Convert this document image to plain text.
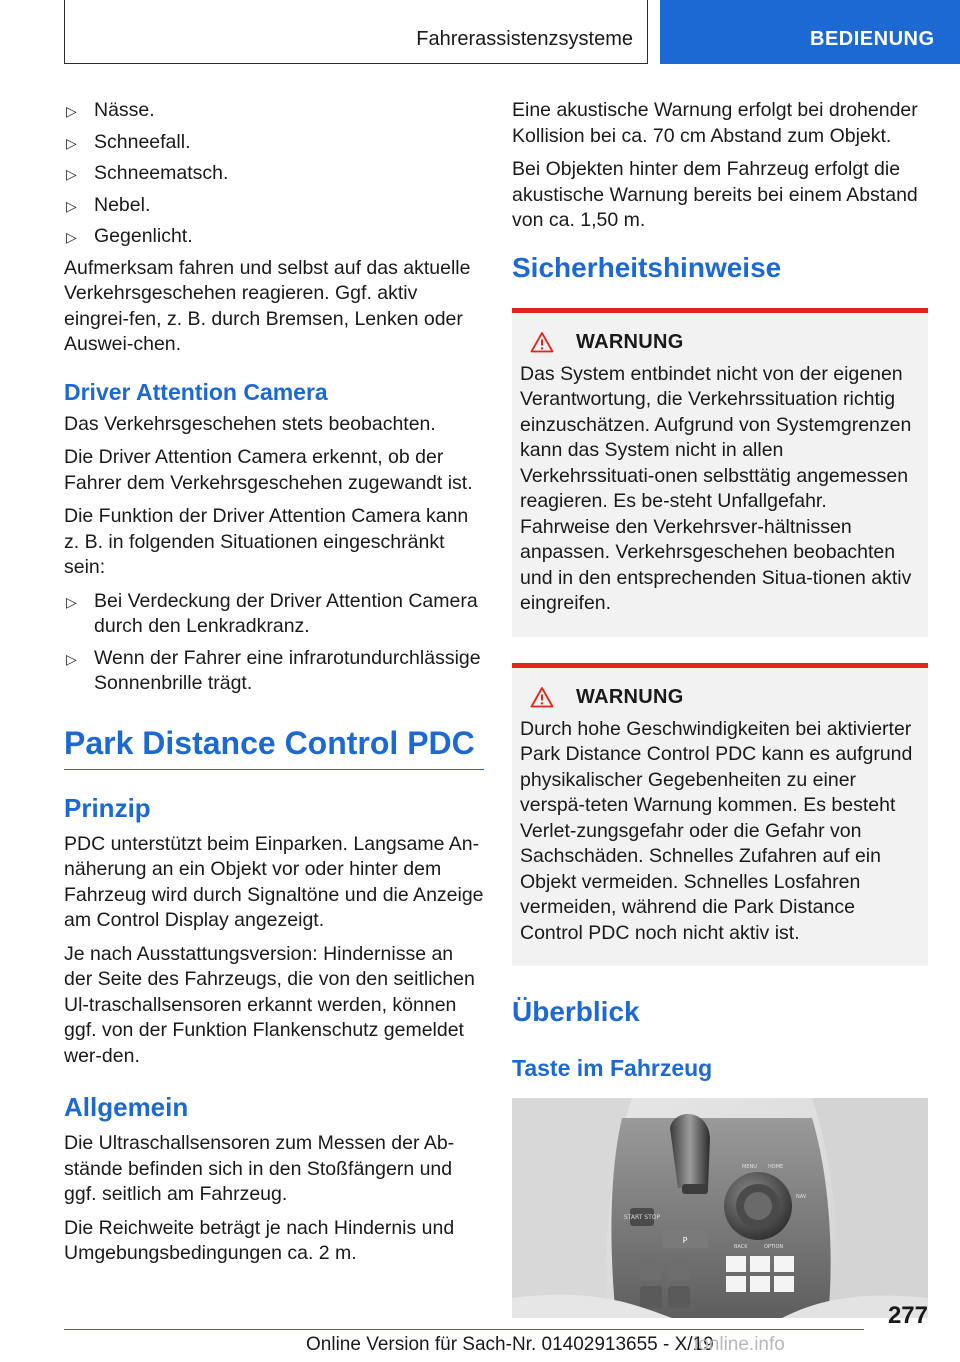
Fahrerassistenzsysteme	BEDIENUNG
▷ Nässe.
▷ Schneefall.
▷ Schneematsch.
▷ Nebel.
▷ Gegenlicht.

Aufmerksam fahren und selbst auf das aktuelle Verkehrsgeschehen reagieren. Ggf. aktiv eingrei-fen, z. B. durch Bremsen, Lenken oder Auswei-chen.

Driver Attention Camera

Das Verkehrsgeschehen stets beobachten.

Die Driver Attention Camera erkennt, ob der Fahrer dem Verkehrsgeschehen zugewandt ist.

Die Funktion der Driver Attention Camera kann z. B. in folgenden Situationen eingeschränkt sein:

▷ Bei Verdeckung der Driver Attention Camera durch den Lenkradkranz.
▷ Wenn der Fahrer eine infrarotundurchlässige Sonnenbrille trägt.
Park Distance Control PDC
Prinzip

PDC unterstützt beim Einparken. Langsame An-näherung an ein Objekt vor oder hinter dem Fahrzeug wird durch Signaltöne und die Anzeige am Control Display angezeigt.

Je nach Ausstattungsversion: Hindernisse an der Seite des Fahrzeugs, die von den seitlichen Ul-traschallsensoren erkannt werden, können ggf. von der Funktion Flankenschutz gemeldet wer-den.

Allgemein

Die Ultraschallsensoren zum Messen der Ab-stände befinden sich in den Stoßfängern und ggf. seitlich am Fahrzeug.

Die Reichweite beträgt je nach Hindernis und Umgebungsbedingungen ca. 2 m.

Eine akustische Warnung erfolgt bei drohender Kollision bei ca. 70 cm Abstand zum Objekt.

Bei Objekten hinter dem Fahrzeug erfolgt die akustische Warnung bereits bei einem Abstand von ca. 1,50 m.

Sicherheitshinweise
WARNUNG

Das System entbindet nicht von der eigenen Verantwortung, die Verkehrssituation richtig einzuschätzen. Aufgrund von Systemgrenzen kann das System nicht in allen Verkehrssituati-onen selbsttätig angemessen reagieren. Es be-steht Unfallgefahr. Fahrweise den Verkehrsver-hältnissen anpassen. Verkehrsgeschehen beobachten und in den entsprechenden Situa-tionen aktiv eingreifen.

WARNUNG

Durch hohe Geschwindigkeiten bei aktivierter Park Distance Control PDC kann es aufgrund physikalischer Gegebenheiten zu einer verspä-teten Warnung kommen. Es besteht Verlet-zungsgefahr oder die Gefahr von Sachschäden. Schnelles Zufahren auf ein Objekt vermeiden. Schnelles Losfahren vermeiden, während die Park Distance Control PDC noch nicht aktiv ist.

Überblick
Taste im Fahrzeug
START STOP
MENU HOME
NAV
BACK	OPTION
P
277
Online Version für Sach-Nr. 01402913655 - X/19
ionline.info
